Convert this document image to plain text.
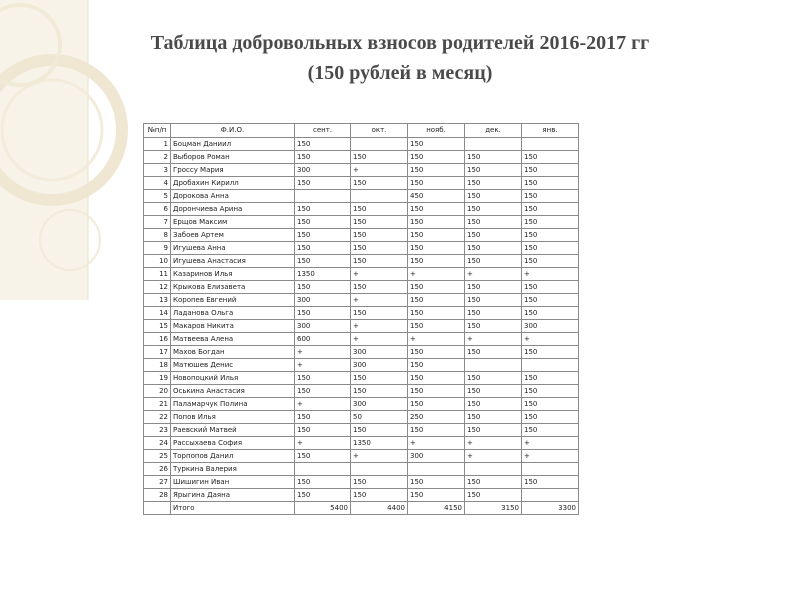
Таблица добровольных взносов родителей 2016-2017 гг
(150 рублей в месяц)
№п/п	Ф.И.О.	сент.	окт.	нояб.	дек.	янв.
1	Боцман Даниил	150		150		
2	Выборов Роман	150	150	150	150	150
3	Гроссу Мария	300	+	150	150	150
4	Дробахин Кирилл	150	150	150	150	150
5	Дорокова Анна			450	150	150
6	Дорончиева Арина	150	150	150	150	150
7	Ерщов Максим	150	150	150	150	150
8	Забоев Артем	150	150	150	150	150
9	Игушева Анна	150	150	150	150	150
10	Игушева Анастасия	150	150	150	150	150
11	Казаринов Илья	1350	+	+	+	+
12	Крыкова Елизавета	150	150	150	150	150
13	Коропев Евгений	300	+	150	150	150
14	Ладанова Ольга	150	150	150	150	150
15	Макаров Никита	300	+	150	150	300
16	Матвеева Алена	600	+	+	+	+
17	Махов Богдан	+	300	150	150	150
18	Матюшев Денис	+	300	150		
19	Новопоцкий Илья	150	150	150	150	150
20	Оськина Анастасия	150	150	150	150	150
21	Паламарчук Полина	+	300	150	150	150
22	Попов Илья	150	50	250	150	150
23	Раевский Матвей	150	150	150	150	150
24	Рассыхаева София	+	1350	+	+	+
25	Торпопов Данил	150	+	300	+	+
26	Туркина Валерия					
27	Шишигин Иван	150	150	150	150	150
28	Ярыгина Даяна	150	150	150	150	
	Итого	5400	4400	4150	3150	3300
